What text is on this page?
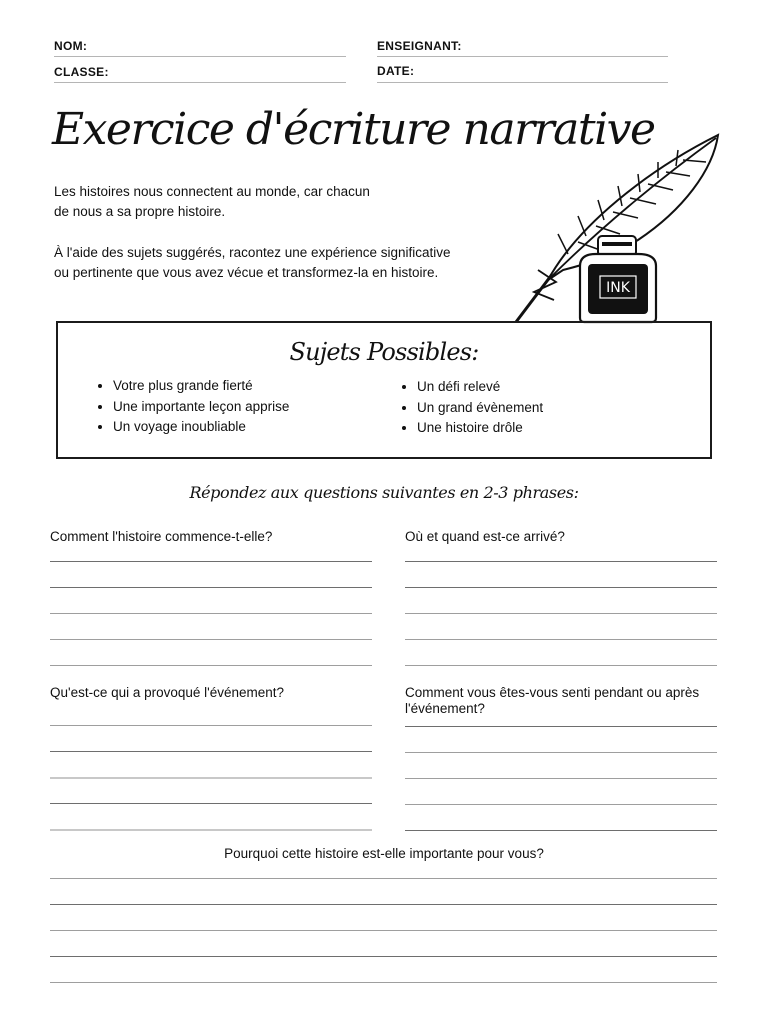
NOM:	ENSEIGNANT:
CLASSE:	DATE:
Exercice d'écriture narrative
Les histoires nous connectent au monde, car chacun
de nous a sa propre histoire.
À l'aide des sujets suggérés, racontez une expérience significative
ou pertinente que vous avez vécue et transformez-la en histoire.
INK
Sujets Possibles:
• Votre plus grande fierté
• Une importante leçon apprise
• Un voyage inoubliable
• Un défi relevé
• Un grand évènement
• Une histoire drôle
Répondez aux questions suivantes en 2-3 phrases:
Comment l'histoire commence-t-elle?	Où et quand est-ce arrivé?
Qu'est-ce qui a provoqué l'événement?	Comment vous êtes-vous senti pendant ou après l'événement?
Pourquoi cette histoire est-elle importante pour vous?
